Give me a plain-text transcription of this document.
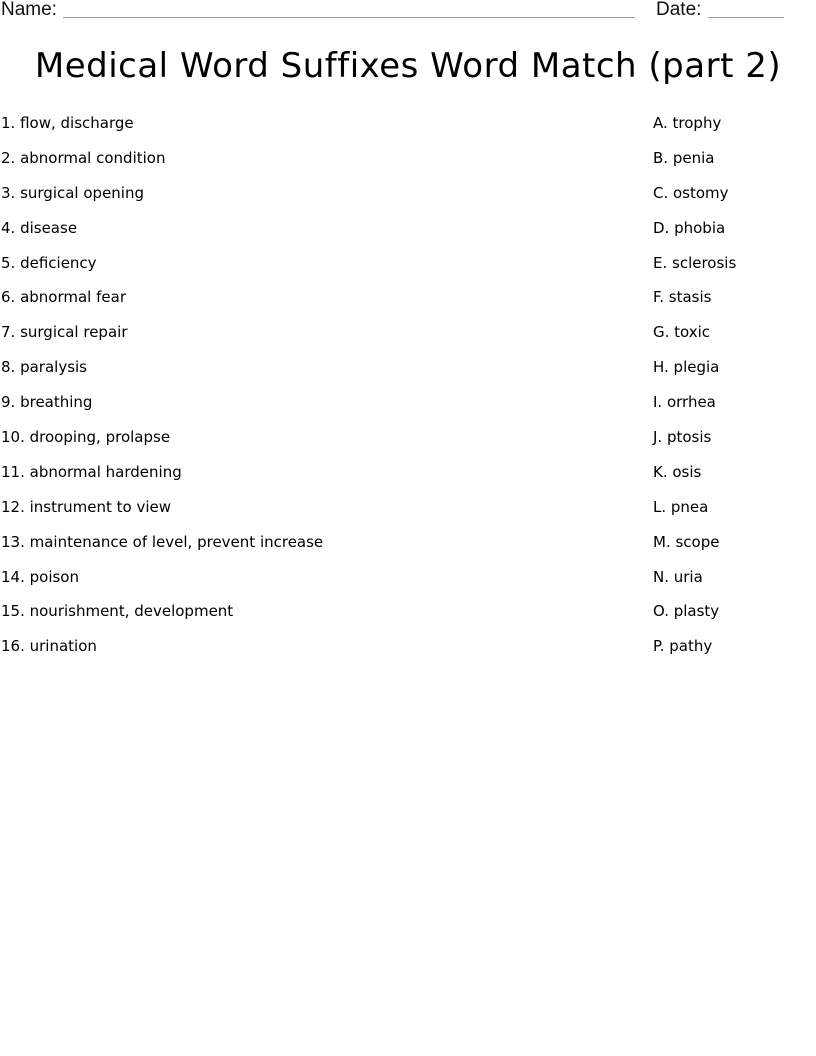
Name:	Date:
Medical Word Suffixes Word Match (part 2)
1. flow, discharge
2. abnormal condition
3. surgical opening
4. disease
5. deficiency
6. abnormal fear
7. surgical repair
8. paralysis
9. breathing
10. drooping, prolapse
11. abnormal hardening
12. instrument to view
13. maintenance of level, prevent increase
14. poison
15. nourishment, development
16. urination
A. trophy
B. penia
C. ostomy
D. phobia
E. sclerosis
F. stasis
G. toxic
H. plegia
I. orrhea
J. ptosis
K. osis
L. pnea
M. scope
N. uria
O. plasty
P. pathy
